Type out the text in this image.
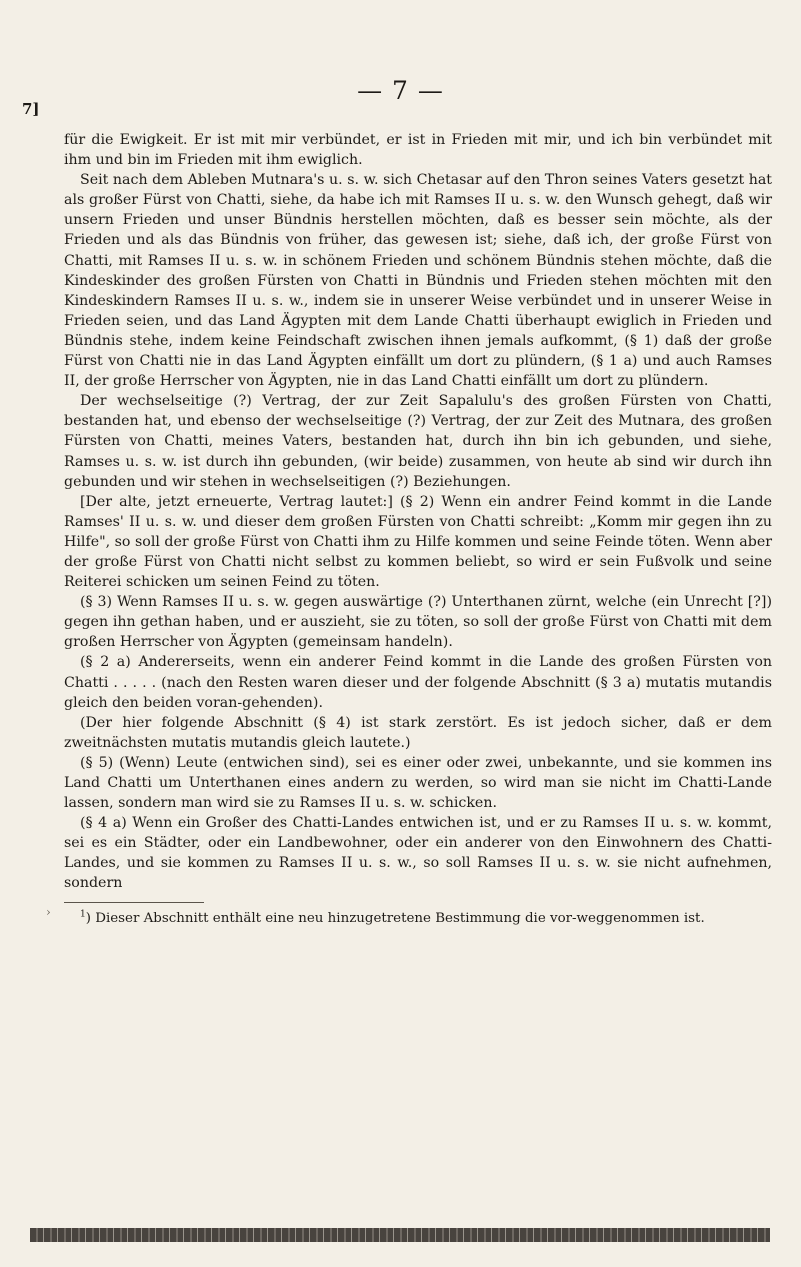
7]
— 7 —

für die Ewigkeit. Er ist mit mir verbündet, er ist in Frieden mit mir, und ich bin verbündet mit ihm und bin im Frieden mit ihm ewiglich.

Seit nach dem Ableben Mutnara's u. s. w. sich Chetasar auf den Thron seines Vaters gesetzt hat als großer Fürst von Chatti, siehe, da habe ich mit Ramses II u. s. w. den Wunsch gehegt, daß wir unsern Frieden und unser Bündnis herstellen möchten, daß es besser sein möchte, als der Frieden und als das Bündnis von früher, das gewesen ist; siehe, daß ich, der große Fürst von Chatti, mit Ramses II u. s. w. in schönem Frieden und schönem Bündnis stehen möchte, daß die Kindeskinder des großen Fürsten von Chatti in Bündnis und Frieden stehen möchten mit den Kindeskindern Ramses II u. s. w., indem sie in unserer Weise verbündet und in unserer Weise in Frieden seien, und das Land Ägypten mit dem Lande Chatti überhaupt ewiglich in Frieden und Bündnis stehe, indem keine Feindschaft zwischen ihnen jemals aufkommt, (§ 1) daß der große Fürst von Chatti nie in das Land Ägypten einfällt um dort zu plündern, (§ 1 a) und auch Ramses II, der große Herrscher von Ägypten, nie in das Land Chatti einfällt um dort zu plündern.

Der wechselseitige (?) Vertrag, der zur Zeit Sapalulu's des großen Fürsten von Chatti, bestanden hat, und ebenso der wechselseitige (?) Vertrag, der zur Zeit des Mutnara, des großen Fürsten von Chatti, meines Vaters, bestanden hat, durch ihn bin ich gebunden, und siehe, Ramses u. s. w. ist durch ihn gebunden, (wir beide) zusammen, von heute ab sind wir durch ihn gebunden und wir stehen in wechselseitigen (?) Beziehungen.

[Der alte, jetzt erneuerte, Vertrag lautet:] (§ 2) Wenn ein andrer Feind kommt in die Lande Ramses' II u. s. w. und dieser dem großen Fürsten von Chatti schreibt: „Komm mir gegen ihn zu Hilfe", so soll der große Fürst von Chatti ihm zu Hilfe kommen und seine Feinde töten. Wenn aber der große Fürst von Chatti nicht selbst zu kommen beliebt, so wird er sein Fußvolk und seine Reiterei schicken um seinen Feind zu töten.

(§ 3) Wenn Ramses II u. s. w. gegen auswärtige (?) Unterthanen zürnt, welche (ein Unrecht [?]) gegen ihn gethan haben, und er auszieht, sie zu töten, so soll der große Fürst von Chatti mit dem großen Herrscher von Ägypten (gemeinsam handeln).

(§ 2 a) Andererseits, wenn ein anderer Feind kommt in die Lande des großen Fürsten von Chatti . . . . . (nach den Resten waren dieser und der folgende Abschnitt (§ 3 a) mutatis mutandis gleich den beiden voran-gehenden).

(Der hier folgende Abschnitt (§ 4) ist stark zerstört. Es ist jedoch sicher, daß er dem zweitnächsten mutatis mutandis gleich lautete.)

(§ 5) (Wenn) Leute (entwichen sind), sei es einer oder zwei, unbekannte, und sie kommen ins Land Chatti um Unterthanen eines andern zu werden, so wird man sie nicht im Chatti-Lande lassen, sondern man wird sie zu Ramses II u. s. w. schicken.

(§ 4 a) Wenn ein Großer des Chatti-Landes entwichen ist, und er zu Ramses II u. s. w. kommt, sei es ein Städter, oder ein Landbewohner, oder ein anderer von den Einwohnern des Chatti-Landes, und sie kommen zu Ramses II u. s. w., so soll Ramses II u. s. w. sie nicht aufnehmen, sondern

$^1$) Dieser Abschnitt enthält eine neu hinzugetretene Bestimmung die vor-weggenommen ist.
›
